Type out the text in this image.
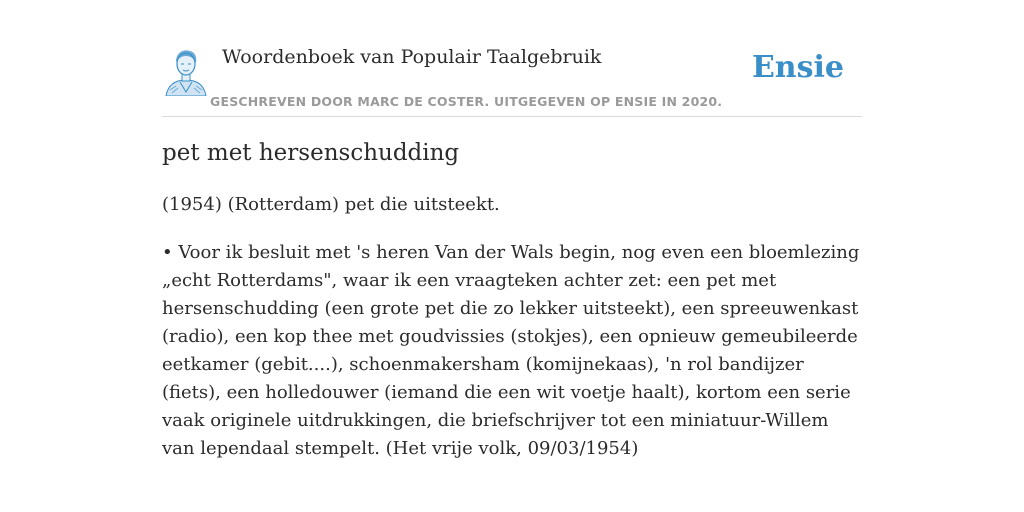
Woordenboek van Populair Taalgebruik
GESCHREVEN DOOR MARC DE COSTER. UITGEGEVEN OP ENSIE IN 2020.
Ensie
pet met hersenschudding
(1954) (Rotterdam) pet die uitsteekt.
• Voor ik besluit met 's heren Van der Wals begin, nog even een bloemlezing „echt Rotterdams", waar ik een vraagteken achter zet: een pet met hersenschudding (een grote pet die zo lekker uitsteekt), een spreeuwenkast (radio), een kop thee met goudvissies (stokjes), een opnieuw gemeubileerde eetkamer (gebit....), schoenmakersham (komijnekaas), 'n rol bandijzer (fiets), een holledouwer (iemand die een wit voetje haalt), kortom een serie vaak originele uitdrukkingen, die briefschrijver tot een miniatuur-Willem van lependaal stempelt. (Het vrije volk, 09/03/1954)
